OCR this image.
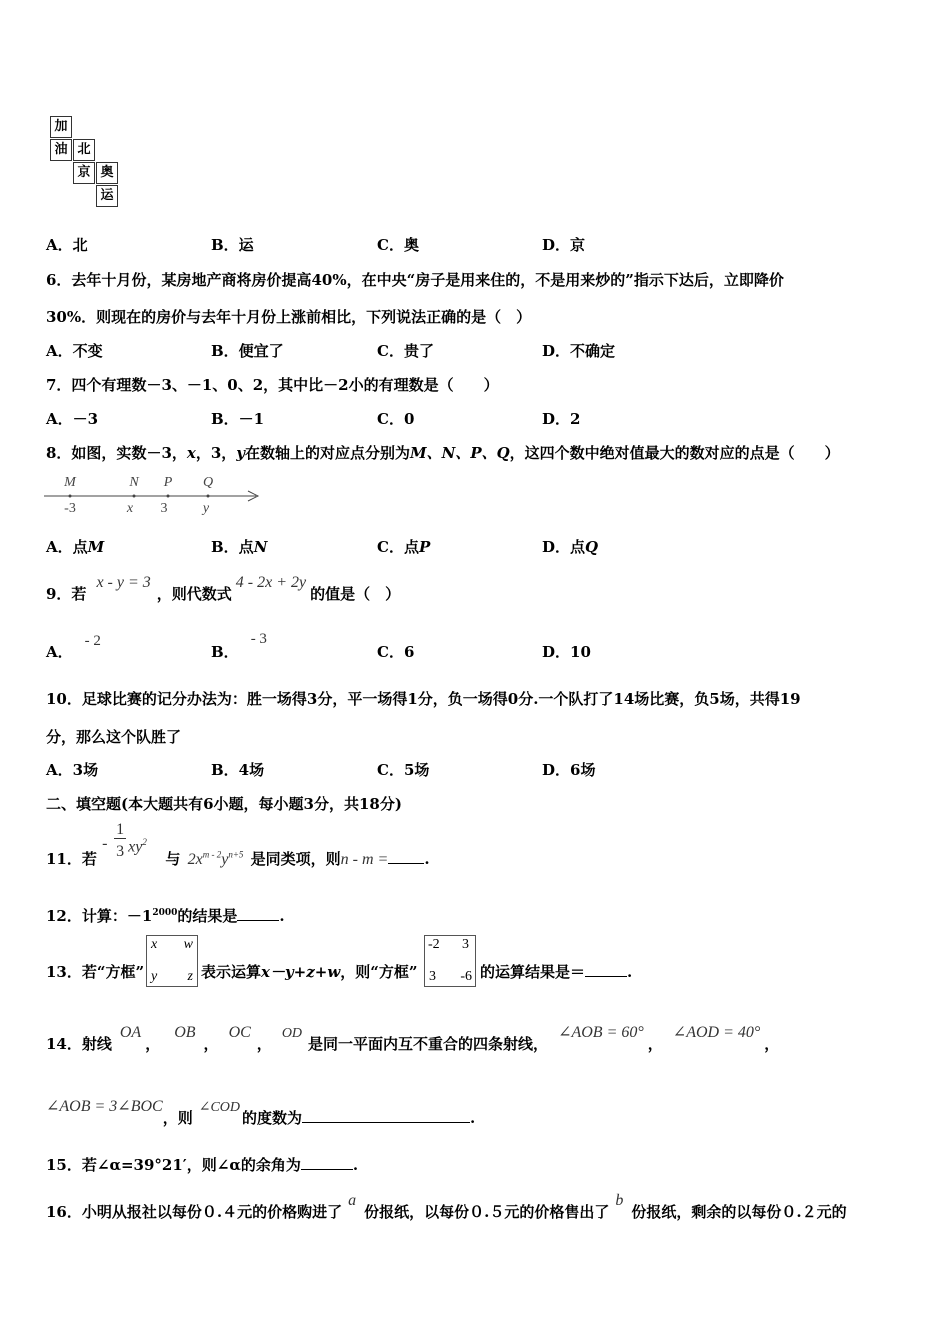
加
油 北
京 奥
运
A．北	B．运	C．奥	D．京
6．去年十月份，某房地产商将房价提高40%，在中央“房子是用来住的，不是用来炒的”指示下达后，立即降价
30%．则现在的房价与去年十月份上涨前相比，下列说法正确的是（　）
A．不变	B．便宜了	C．贵了	D．不确定
7．四个有理数－3、－1、0、2，其中比－2小的有理数是（　　）
A．－3	B．－1	C．0	D．2
8．如图，实数－3，x，3，y在数轴上的对应点分别为M、N、P、Q，这四个数中绝对值最大的数对应的点是（　　）
M	N P Q
-3	x 3	y
A．点M	B．点N	C．点P	D．点Q
9．若x - y = 3，则代数式4 - 2x + 2y的值是（　）
A．- 2
B．- 3
C．6	D．10
10．足球比赛的记分办法为：胜一场得3分，平一场得1分，负一场得0分.一个队打了14场比赛，负5场，共得19
分，那么这个队胜了
A．3场	B．4场	C．5场	D．6场
二、填空题(本大题共有6小题，每小题3分，共18分)
11．若
-
1
3 $xy^2$
与 $2x^{m - 2}y^{n+5}$ 是同类项，则n - m = .
12．计算：$-1^{2000}$的结果是	.
13．若“方框”
x w
y z 表示运算x－y+z+w，则“方框”
-2 3
3 -6 的运算结果是＝	.
14．射线OA，OB，OC，OD是同一平面内互不重合的四条射线，∠AOB = 60°，∠AOD = 40°，
∠AOB = 3∠BOC，则∠COD的度数为	.
15．若∠α=39°21′，则∠α的余角为	.
16．小明从报社以每份０.４元的价格购进了a份报纸，以每份０.５元的价格售出了b份报纸，剩余的以每份０.２元的
